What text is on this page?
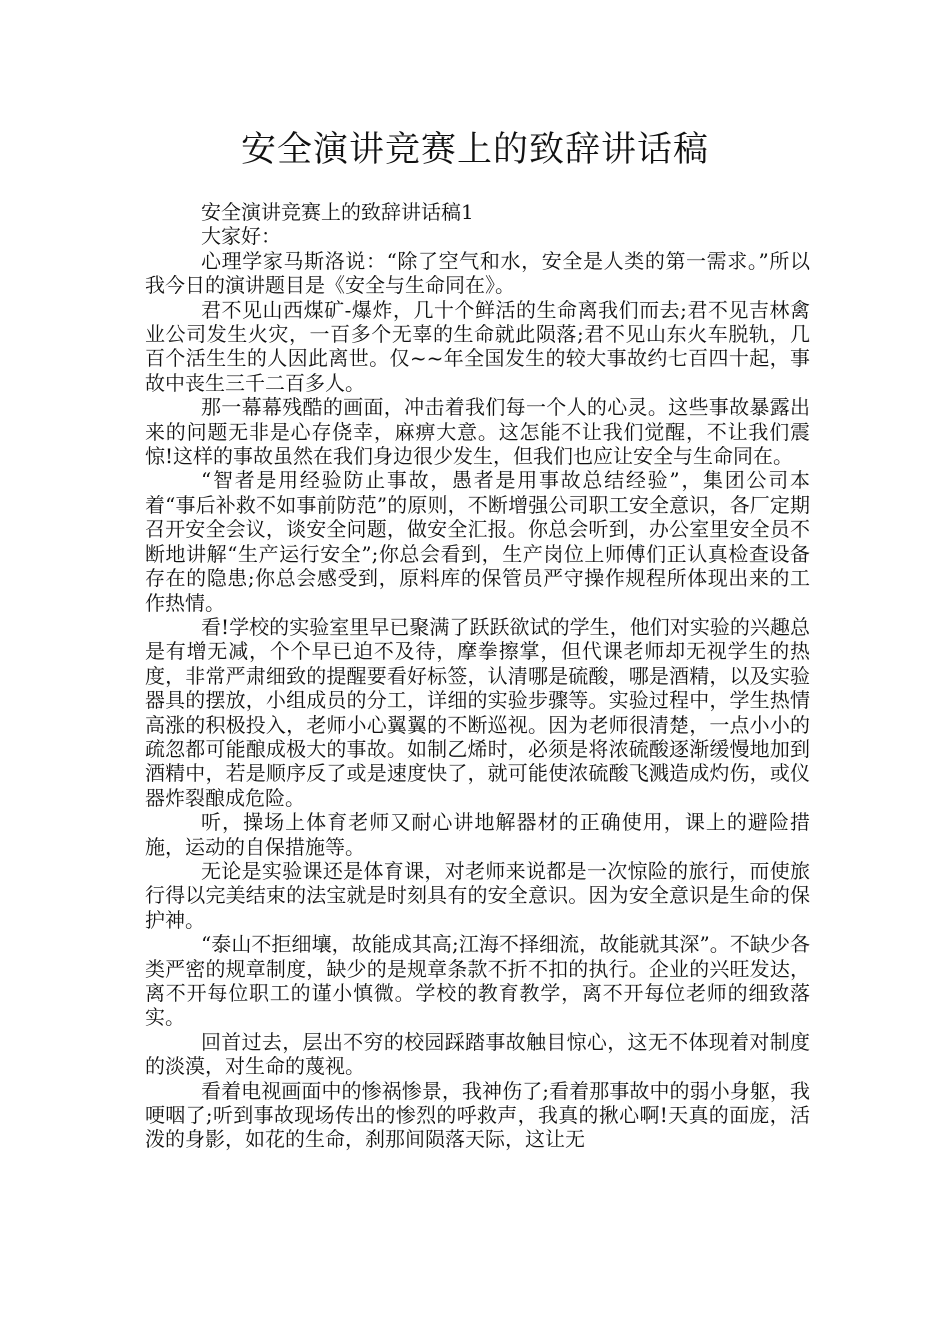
安全演讲竞赛上的致辞讲话稿

安全演讲竞赛上的致辞讲话稿1

大家好：

心理学家马斯洛说：“除了空气和水，安全是人类的第一需求。”所以我今日的演讲题目是《安全与生命同在》。

君不见山西煤矿-爆炸，几十个鲜活的生命离我们而去;君不见吉林禽业公司发生火灾，一百多个无辜的生命就此陨落;君不见山东火车脱轨，几百个活生生的人因此离世。仅~~年全国发生的较大事故约七百四十起，事故中丧生三千二百多人。

那一幕幕残酷的画面，冲击着我们每一个人的心灵。这些事故暴露出来的问题无非是心存侥幸，麻痹大意。这怎能不让我们觉醒，不让我们震惊!这样的事故虽然在我们身边很少发生，但我们也应让安全与生命同在。

“智者是用经验防止事故，愚者是用事故总结经验”，集团公司本着“事后补救不如事前防范”的原则，不断增强公司职工安全意识，各厂定期召开安全会议，谈安全问题，做安全汇报。你总会听到，办公室里安全员不断地讲解“生产运行安全”;你总会看到，生产岗位上师傅们正认真检查设备存在的隐患;你总会感受到，原料库的保管员严守操作规程所体现出来的工作热情。

看!学校的实验室里早已聚满了跃跃欲试的学生，他们对实验的兴趣总是有增无减，个个早已迫不及待，摩拳擦掌，但代课老师却无视学生的热度，非常严肃细致的提醒要看好标签，认清哪是硫酸，哪是酒精，以及实验器具的摆放，小组成员的分工，详细的实验步骤等。实验过程中，学生热情高涨的积极投入，老师小心翼翼的不断巡视。因为老师很清楚，一点小小的疏忽都可能酿成极大的事故。如制乙烯时，必须是将浓硫酸逐渐缓慢地加到酒精中，若是顺序反了或是速度快了，就可能使浓硫酸飞溅造成灼伤，或仪器炸裂酿成危险。

听，操场上体育老师又耐心讲地解器材的正确使用，课上的避险措施，运动的自保措施等。

无论是实验课还是体育课，对老师来说都是一次惊险的旅行，而使旅行得以完美结束的法宝就是时刻具有的安全意识。因为安全意识是生命的保护神。

“泰山不拒细壤，故能成其高;江海不择细流，故能就其深”。不缺少各类严密的规章制度，缺少的是规章条款不折不扣的执行。企业的兴旺发达，离不开每位职工的谨小慎微。学校的教育教学，离不开每位老师的细致落实。

回首过去，层出不穷的校园踩踏事故触目惊心，这无不体现着对制度的淡漠，对生命的蔑视。

看着电视画面中的惨祸惨景，我神伤了;看着那事故中的弱小身躯，我哽咽了;听到事故现场传出的惨烈的呼救声，我真的揪心啊!天真的面庞，活泼的身影，如花的生命，刹那间陨落天际，这让无
